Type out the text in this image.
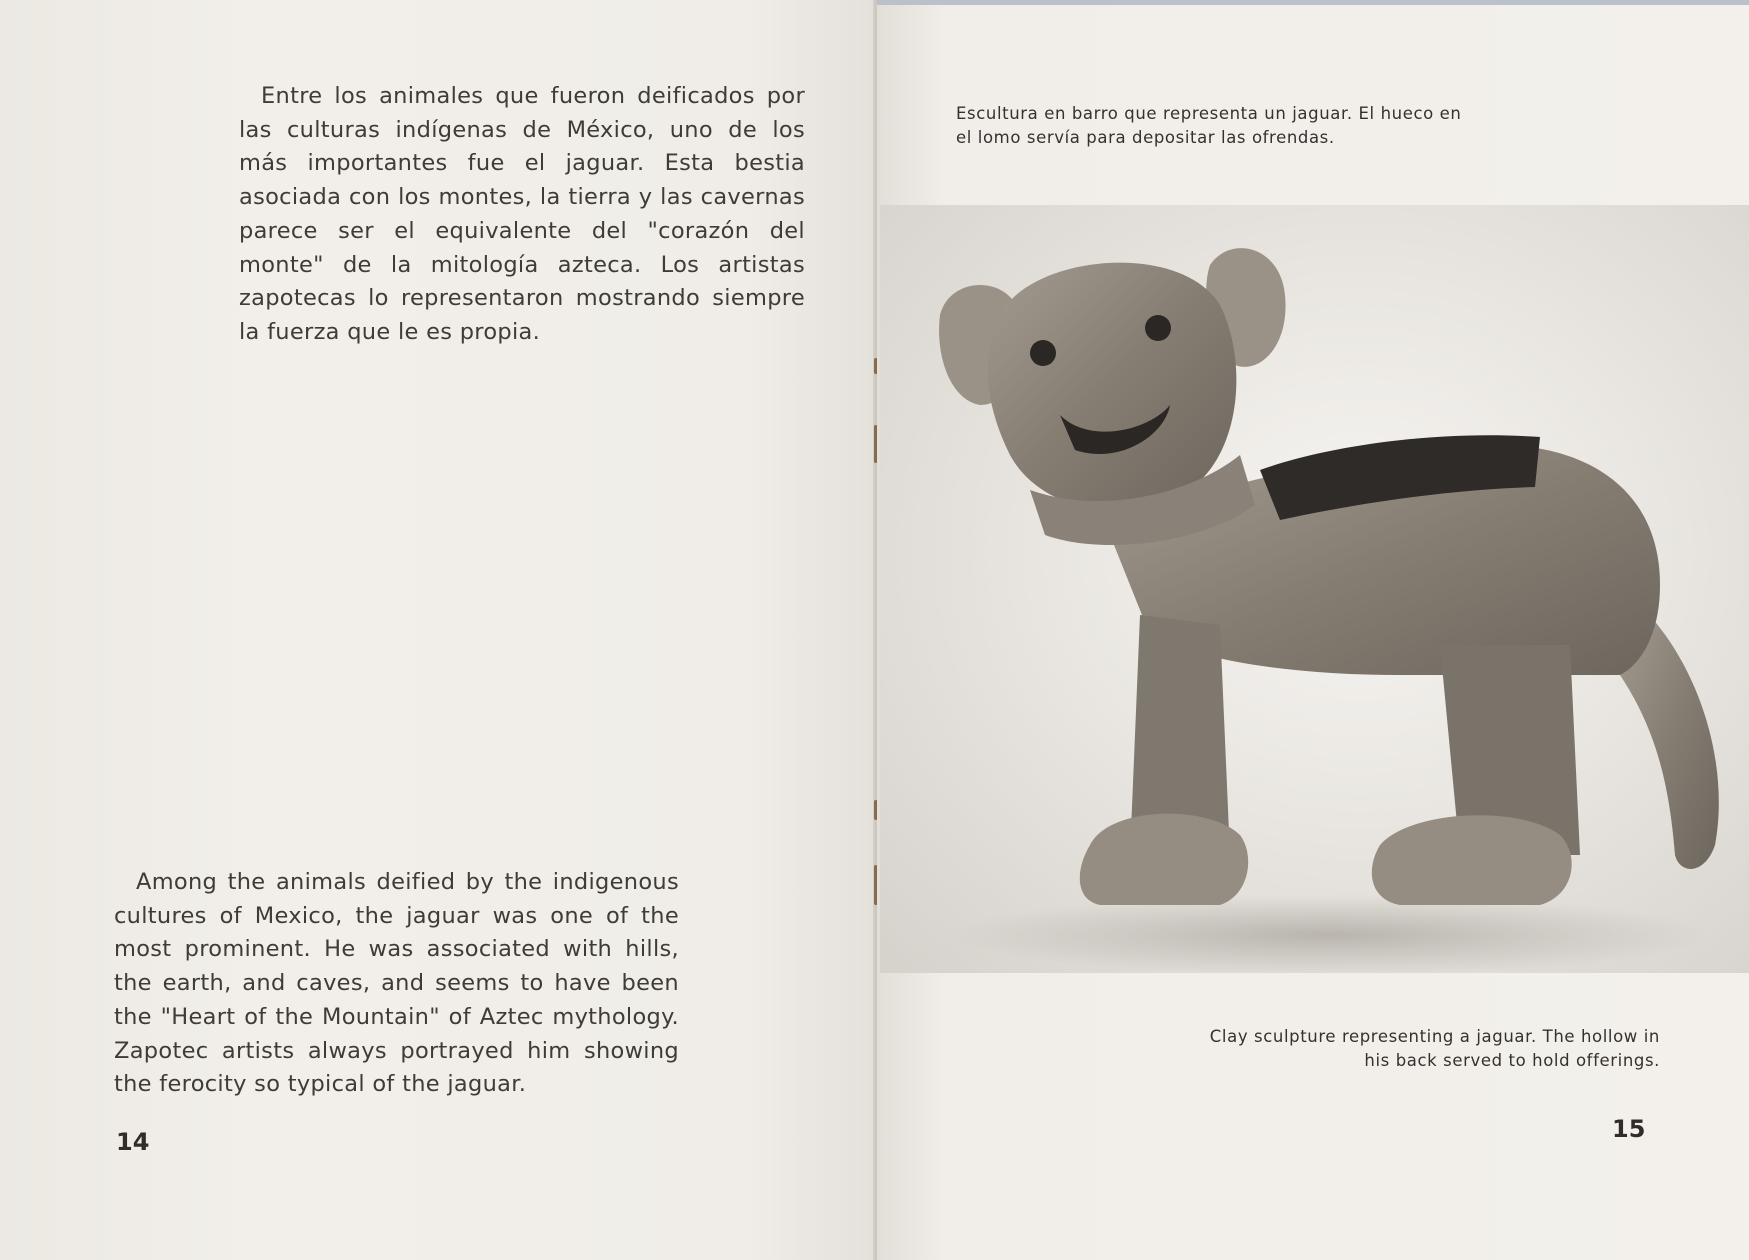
Entre los animales que fueron deificados por las culturas indígenas de México, uno de los más importantes fue el jaguar. Esta bestia asociada con los montes, la tierra y las cavernas parece ser el equivalente del "corazón del monte" de la mitología azteca. Los artistas zapotecas lo representaron mostrando siempre la fuerza que le es propia.

Among the animals deified by the indigenous cultures of Mexico, the jaguar was one of the most prominent. He was associated with hills, the earth, and caves, and seems to have been the "Heart of the Mountain" of Aztec mythology. Zapotec artists always portrayed him showing the ferocity so typical of the jaguar.

14

Escultura en barro que representa un jaguar. El hueco en el lomo servía para depositar las ofrendas.

Clay sculpture representing a jaguar. The hollow in his back served to hold offerings.

15
